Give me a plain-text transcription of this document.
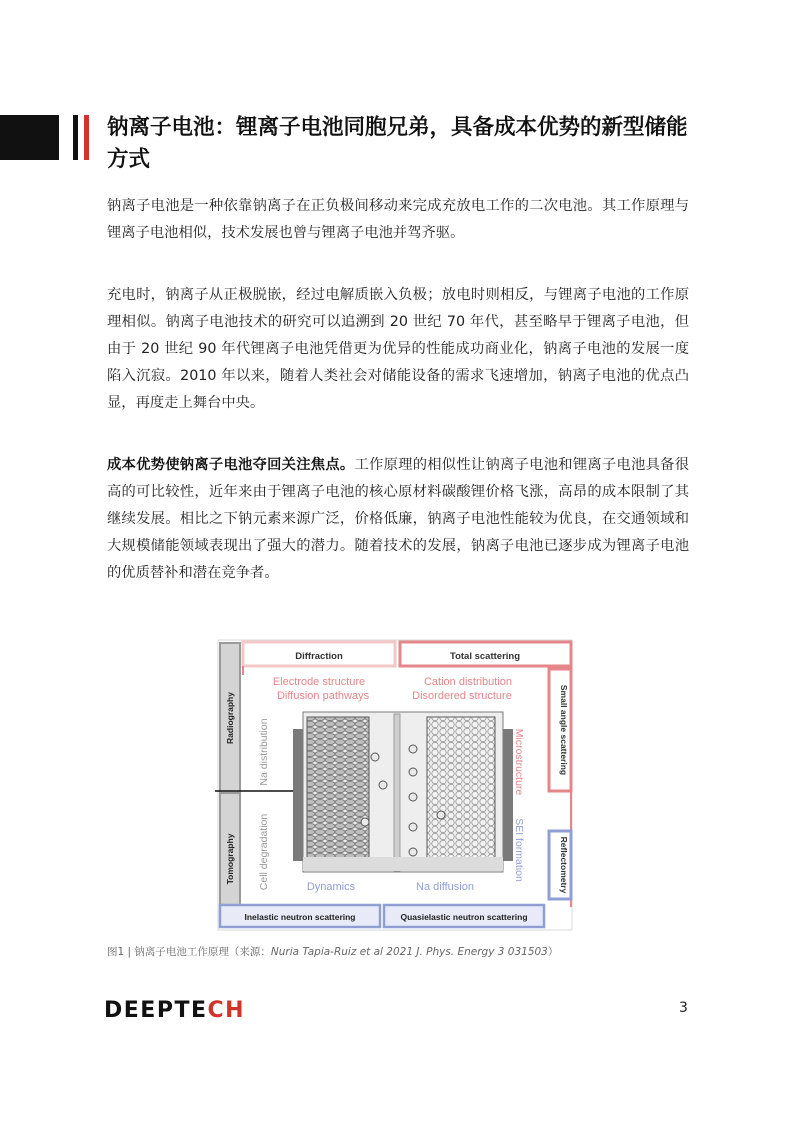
钠离子电池：锂离子电池同胞兄弟，具备成本优势的新型储能方式

钠离子电池是一种依靠钠离子在正负极间移动来完成充放电工作的二次电池。其工作原理与锂离子电池相似，技术发展也曾与锂离子电池并驾齐驱。

充电时，钠离子从正极脱嵌，经过电解质嵌入负极；放电时则相反，与锂离子电池的工作原理相似。钠离子电池技术的研究可以追溯到 20 世纪 70 年代，甚至略早于锂离子电池，但由于 20 世纪 90 年代锂离子电池凭借更为优异的性能成功商业化，钠离子电池的发展一度陷入沉寂。2010 年以来，随着人类社会对储能设备的需求飞速增加，钠离子电池的优点凸显，再度走上舞台中央。

成本优势使钠离子电池夺回关注焦点。工作原理的相似性让钠离子电池和锂离子电池具备很高的可比较性，近年来由于锂离子电池的核心原材料碳酸锂价格飞涨，高昂的成本限制了其继续发展。相比之下钠元素来源广泛，价格低廉，钠离子电池性能较为优良，在交通领域和大规模储能领域表现出了强大的潜力。随着技术的发展，钠离子电池已逐步成为锂离子电池的优质替补和潜在竞争者。

Diffraction	Total scattering
Small angle scattering
Reflectometry
Radiography
Tomography
Electrode structure
Diffusion pathways
Cation distribution
Disordered structure
Na distribution
Cell degradation
Microstructure
SEI formation
Dynamics	Na diffusion
Inelastic neutron scattering	Quasielastic neutron scattering

图1 | 钠离子电池工作原理（来源：Nuria Tapia-Ruiz et al 2021 J. Phys. Energy 3 031503）

DEEPTECH	3
